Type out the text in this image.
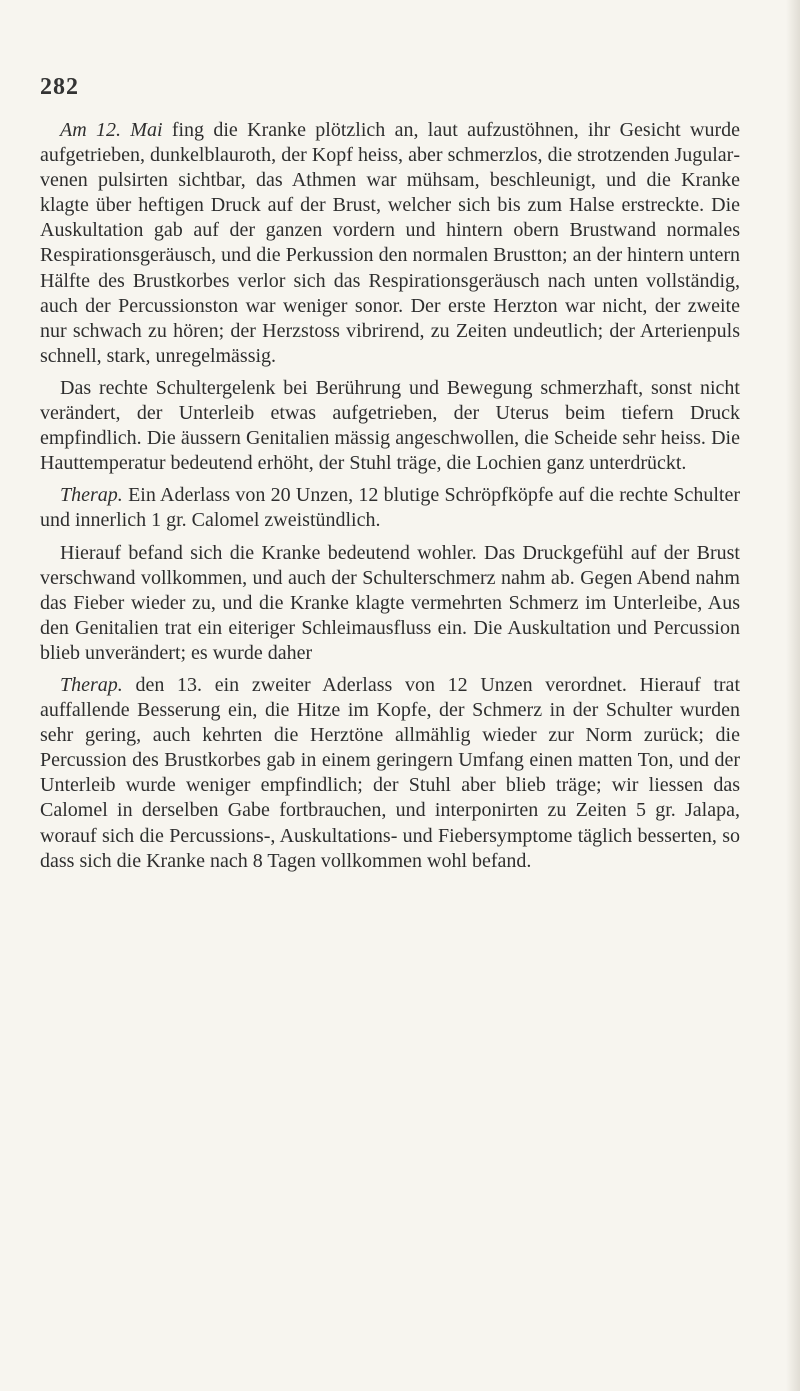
282

Am 12. Mai fing die Kranke plötzlich an, laut aufzustöhnen, ihr Gesicht wurde aufgetrieben, dunkelblauroth, der Kopf heiss, aber schmerzlos, die strotzenden Jugularvenen pulsirten sichtbar, das Athmen war mühsam, beschleunigt, und die Kranke klagte über heftigen Druck auf der Brust, welcher sich bis zum Halse erstreckte. Die Auskultation gab auf der ganzen vordern und hintern obern Brustwand normales Respirationsgeräusch, und die Perkussion den normalen Brustton; an der hintern untern Hälfte des Brustkorbes verlor sich das Respirationsgeräusch nach unten vollständig, auch der Percussionston war weniger sonor. Der erste Herzton war nicht, der zweite nur schwach zu hören; der Herzstoss vibrirend, zu Zeiten undeutlich; der Arterienpuls schnell, stark, unregelmässig.

Das rechte Schultergelenk bei Berührung und Bewegung schmerzhaft, sonst nicht verändert, der Unterleib etwas aufgetrieben, der Uterus beim tiefern Druck empfindlich. Die äussern Genitalien mässig angeschwollen, die Scheide sehr heiss. Die Hauttemperatur bedeutend erhöht, der Stuhl träge, die Lochien ganz unterdrückt.

Therap. Ein Aderlass von 20 Unzen, 12 blutige Schröpfköpfe auf die rechte Schulter und innerlich 1 gr. Calomel zweistündlich.

Hierauf befand sich die Kranke bedeutend wohler. Das Druckgefühl auf der Brust verschwand vollkommen, und auch der Schulterschmerz nahm ab. Gegen Abend nahm das Fieber wieder zu, und die Kranke klagte vermehrten Schmerz im Unterleibe, Aus den Genitalien trat ein eiteriger Schleimausfluss ein. Die Auskultation und Percussion blieb unverändert; es wurde daher

Therap. den 13. ein zweiter Aderlass von 12 Unzen verordnet. Hierauf trat auffallende Besserung ein, die Hitze im Kopfe, der Schmerz in der Schulter wurden sehr gering, auch kehrten die Herztöne allmählig wieder zur Norm zurück; die Percussion des Brustkorbes gab in einem geringern Umfang einen matten Ton, und der Unterleib wurde weniger empfindlich; der Stuhl aber blieb träge; wir liessen das Calomel in derselben Gabe fortbrauchen, und interponirten zu Zeiten 5 gr. Jalapa, worauf sich die Percussions-, Auskultations- und Fiebersymptome täglich besserten, so dass sich die Kranke nach 8 Tagen vollkommen wohl befand.
